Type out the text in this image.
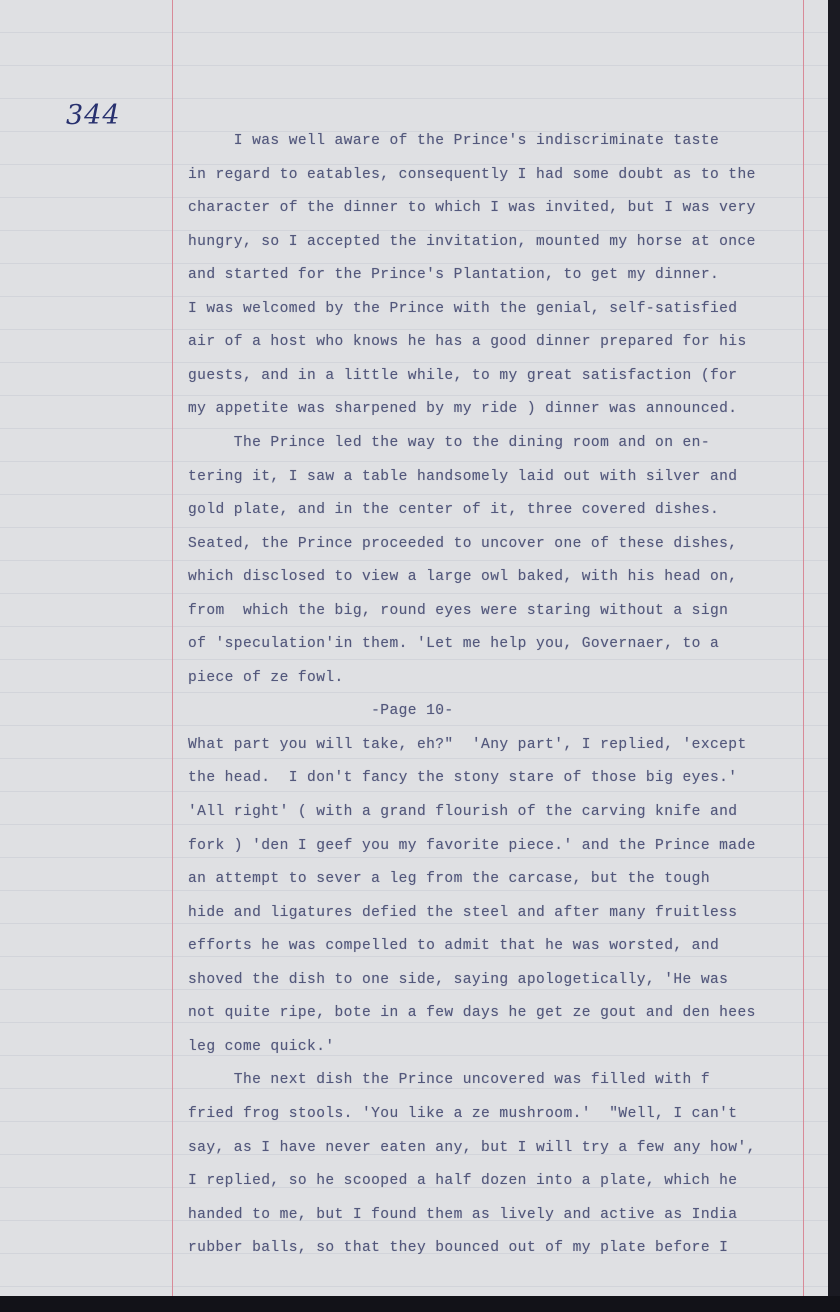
344
I was well aware of the Prince's indiscriminate taste
in regard to eatables, consequently I had some doubt as to the
character of the dinner to which I was invited, but I was very
hungry, so I accepted the invitation, mounted my horse at once
and started for the Prince's Plantation, to get my dinner.
I was welcomed by the Prince with the genial, self-satisfied
air of a host who knows he has a good dinner prepared for his
guests, and in a little while, to my great satisfaction (for
my appetite was sharpened by my ride ) dinner was announced.
The Prince led the way to the dining room and on en-
tering it, I saw a table handsomely laid out with silver and
gold plate, and in the center of it, three covered dishes.
Seated, the Prince proceeded to uncover one of these dishes,
which disclosed to view a large owl baked, with his head on,
from  which the big, round eyes were staring without a sign
of 'speculation'in them. 'Let me help you, Governaer, to a
piece of ze fowl.
-Page 10-
What part you will take, eh?"  'Any part', I replied, 'except
the head.  I don't fancy the stony stare of those big eyes.'
'All right' ( with a grand flourish of the carving knife and
fork ) 'den I geef you my favorite piece.' and the Prince made
an attempt to sever a leg from the carcase, but the tough
hide and ligatures defied the steel and after many fruitless
efforts he was compelled to admit that he was worsted, and
shoved the dish to one side, saying apologetically, 'He was
not quite ripe, bote in a few days he get ze gout and den hees
leg come quick.'
The next dish the Prince uncovered was filled with f
fried frog stools. 'You like a ze mushroom.'  "Well, I can't
say, as I have never eaten any, but I will try a few any how',
I replied, so he scooped a half dozen into a plate, which he
handed to me, but I found them as lively and active as India
rubber balls, so that they bounced out of my plate before I
